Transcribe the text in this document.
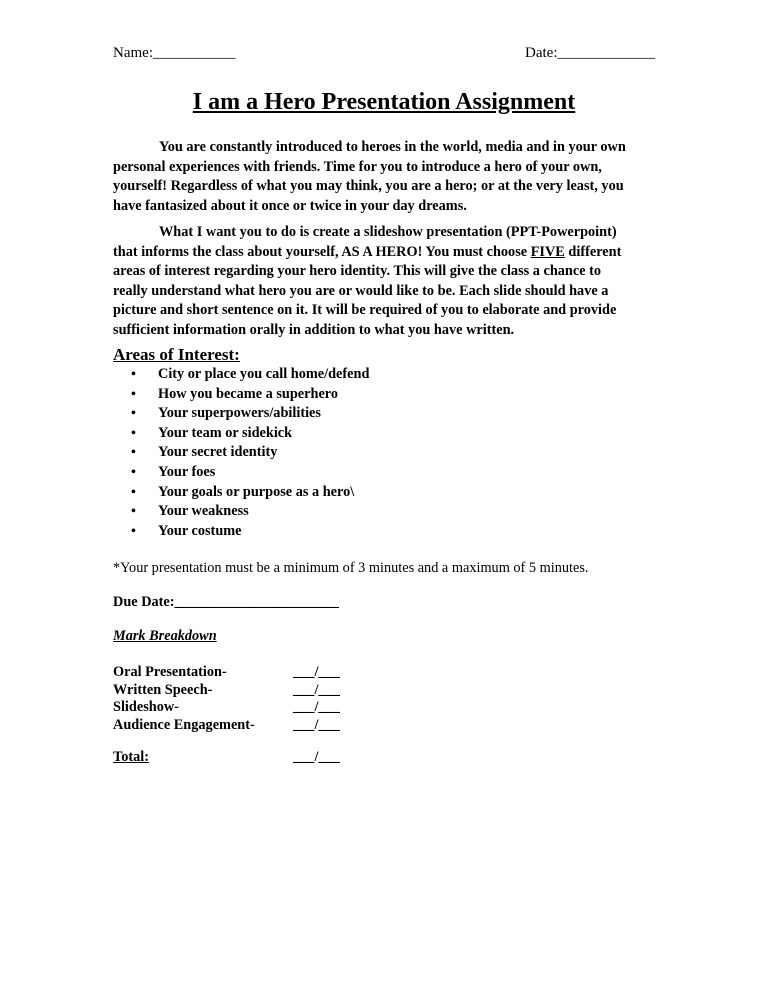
Name:___________	Date:_____________
I am a Hero Presentation Assignment
You are constantly introduced to heroes in the world, media and in your own
personal experiences with friends. Time for you to introduce a hero of your own,
yourself! Regardless of what you may think, you are a hero; or at the very least, you
have fantasized about it once or twice in your day dreams.
What I want you to do is create a slideshow presentation (PPT-Powerpoint)
that informs the class about yourself, AS A HERO! You must choose FIVE different
areas of interest regarding your hero identity. This will give the class a chance to
really understand what hero you are or would like to be. Each slide should have a
picture and short sentence on it. It will be required of you to elaborate and provide
sufficient information orally in addition to what you have written.
Areas of Interest:
• City or place you call home/defend
• How you became a superhero
• Your superpowers/abilities
• Your team or sidekick
• Your secret identity
• Your foes
• Your goals or purpose as a hero\
• Your weakness
• Your costume
*Your presentation must be a minimum of 3 minutes and a maximum of 5 minutes.
Due Date:_______________________
Mark Breakdown
Oral Presentation-	___/___
Written Speech-	___/___
Slideshow-	___/___
Audience Engagement-	___/___
Total:	___/___
